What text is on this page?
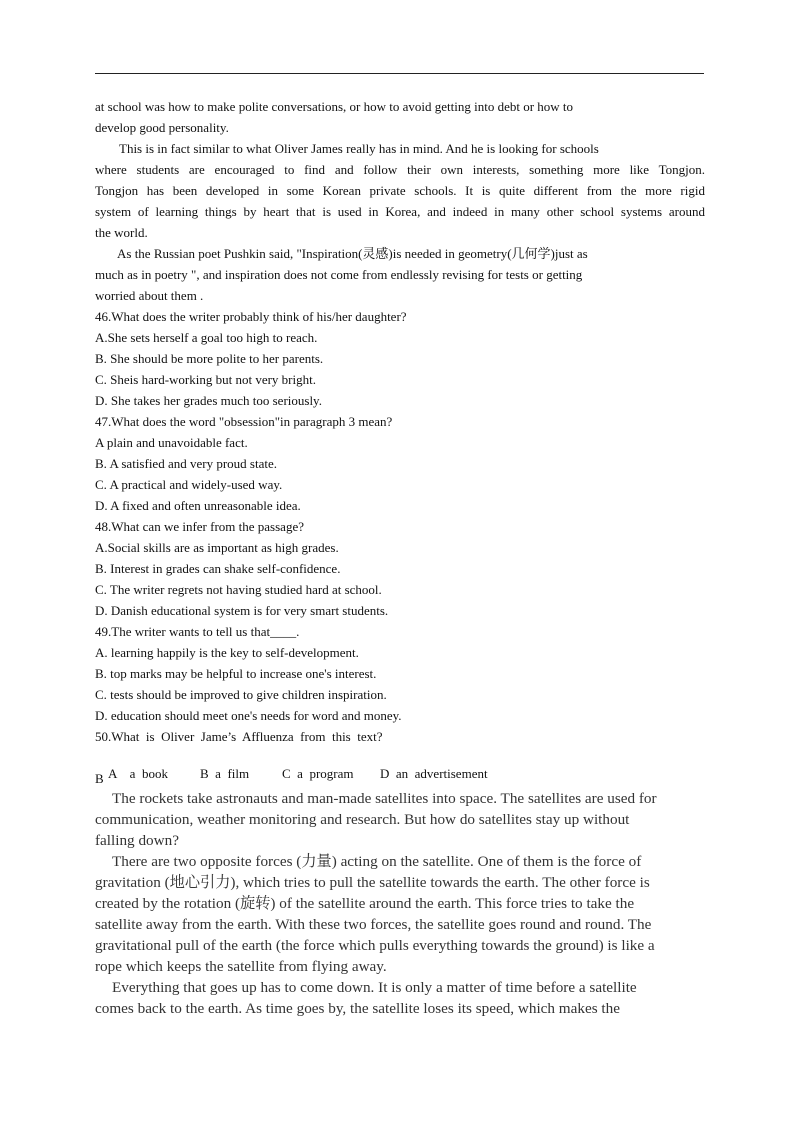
at school was how to make polite conversations, or how to avoid getting into debt or how to
develop good personality.
This is in fact similar to what Oliver James really has in mind. And he is looking for schools
where students are encouraged to find and follow their own interests, something more like Tongjon.
Tongjon has been developed in some Korean private schools. It is quite different from the more rigid
system of learning things by heart that is used in Korea, and indeed in many other school systems around
the world.
As the Russian poet Pushkin said, "Inspiration(灵感)is needed in geometry(几何学)just as
much as in poetry ", and inspiration does not come from endlessly revising for tests or getting
worried about them .
46.What does the writer probably think of his/her daughter?
A.She sets herself a goal too high to reach.
B. She should be more polite to her parents.
C. Sheis hard-working but not very bright.
D. She takes her grades much too seriously.
47.What does the word "obsession"in paragraph 3 mean?
A plain and unavoidable fact.
B. A satisfied and very proud state.
C. A practical and widely-used way.
D. A fixed and often unreasonable idea.
48.What can we infer from the passage?
A.Social skills are as important as high grades.
B. Interest in grades can shake self-confidence.
C. The writer regrets not having studied hard at school.
D. Danish educational system is for very smart students.
49.The writer wants to tell us that____.
A. learning happily is the key to self-development.
B. top marks may be helpful to increase one's interest.
C. tests should be improved to give children inspiration.
D. education should meet one's needs for word and money.
50.What  is  Oliver  Jame’s  Affluenza  from  this  text?

A    a  book B  a  film	C  a  program D  an  advertisement

B
The rockets take astronauts and man-made satellites into space. The satellites are used for
communication, weather monitoring and research. But how do satellites stay up without
falling down?
There are two opposite forces (力量) acting on the satellite. One of them is the force of
gravitation (地心引力), which tries to pull the satellite towards the earth. The other force is
created by the rotation (旋转) of the satellite around the earth. This force tries to take the
satellite away from the earth. With these two forces, the satellite goes round and round. The
gravitational pull of the earth (the force which pulls everything towards the ground) is like a
rope which keeps the satellite from flying away.
Everything that goes up has to come down. It is only a matter of time before a satellite
comes back to the earth. As time goes by, the satellite loses its speed, which makes the
